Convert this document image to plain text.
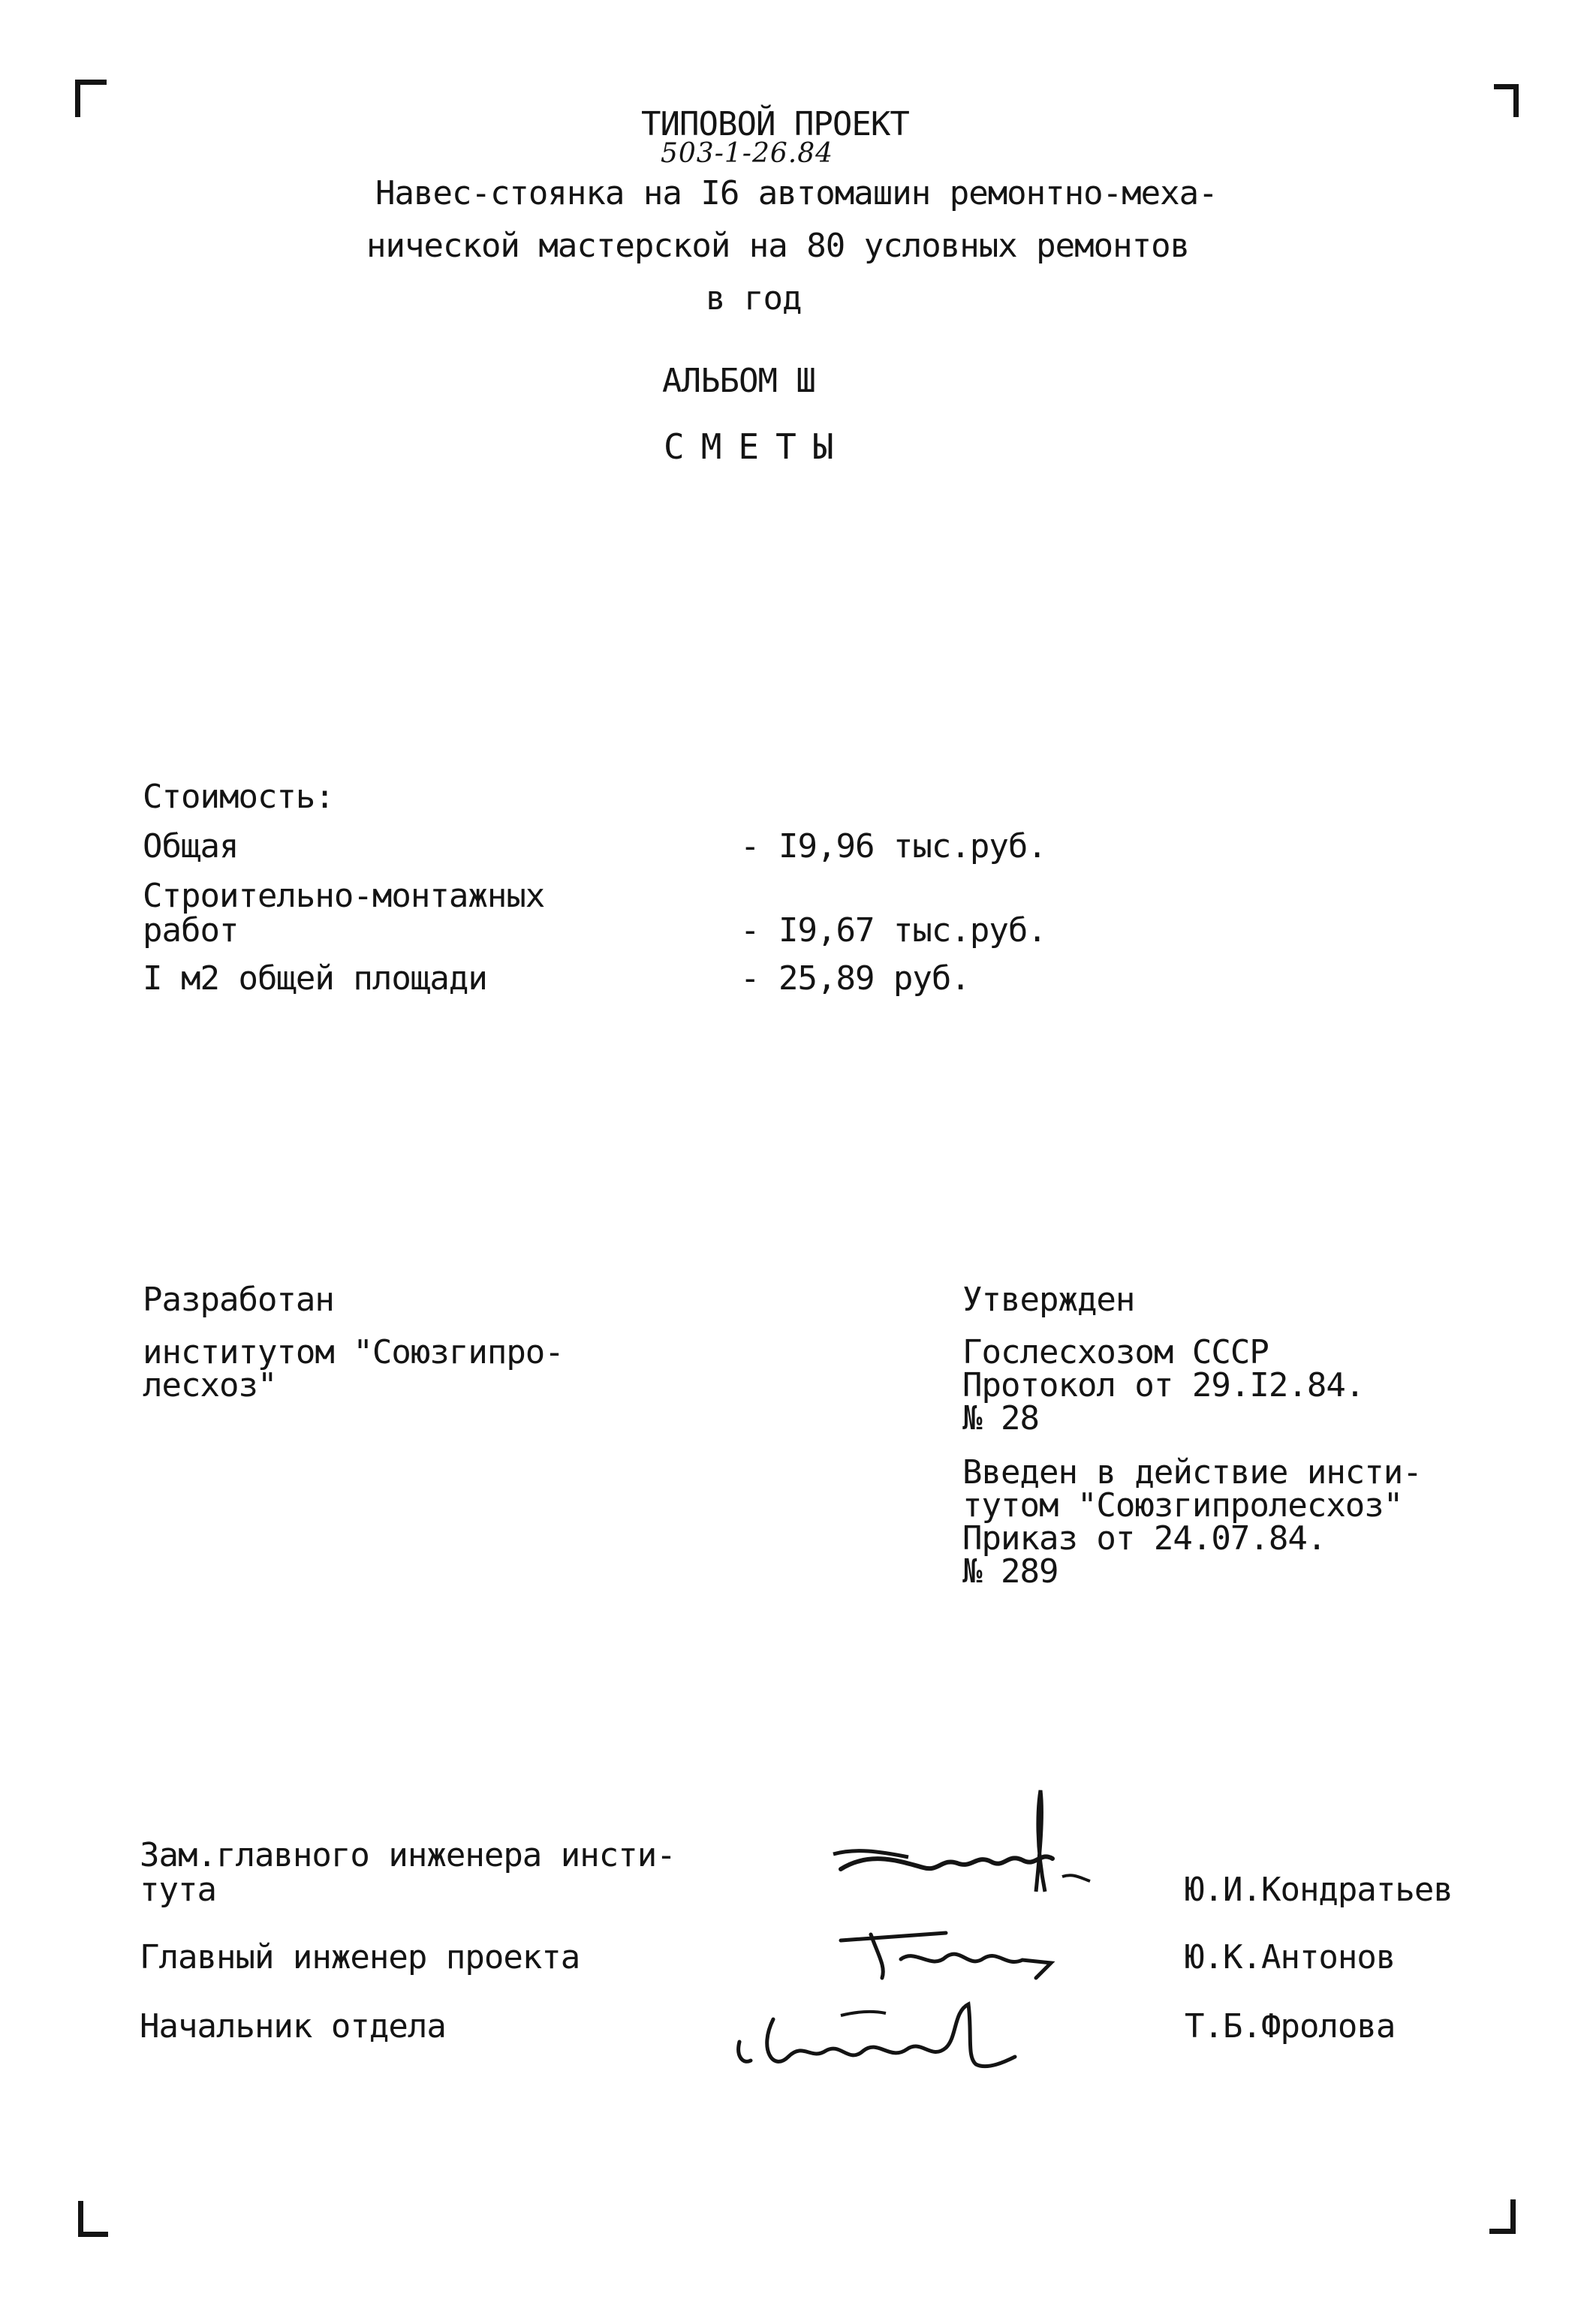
ТИПОВОЙ ПРОЕКТ
503-1-26.84
Навес-стоянка на I6 автомашин ремонтно-меха-
нической мастерской на 80 условных ремонтов
в год
АЛЬБОМ Ш
СМЕТЫ
Стоимость:
Общая	- I9,96 тыс.руб.
Строительно-монтажных
работ	- I9,67 тыс.руб.
I м2 общей площади	- 25,89 руб.
Разработан
институтом "Союзгипро-
лесхоз"
Утвержден
Гослесхозом СССР
Протокол от 29.I2.84.
№ 28
Введен в действие инсти-
тутом "Союзгипролесхоз"
Приказ от 24.07.84.
№ 289
Зам.главного инженера инсти-
тута	Ю.И.Кондратьев
Главный инженер проекта	Ю.К.Антонов
Начальник отдела	Т.Б.Фролова
